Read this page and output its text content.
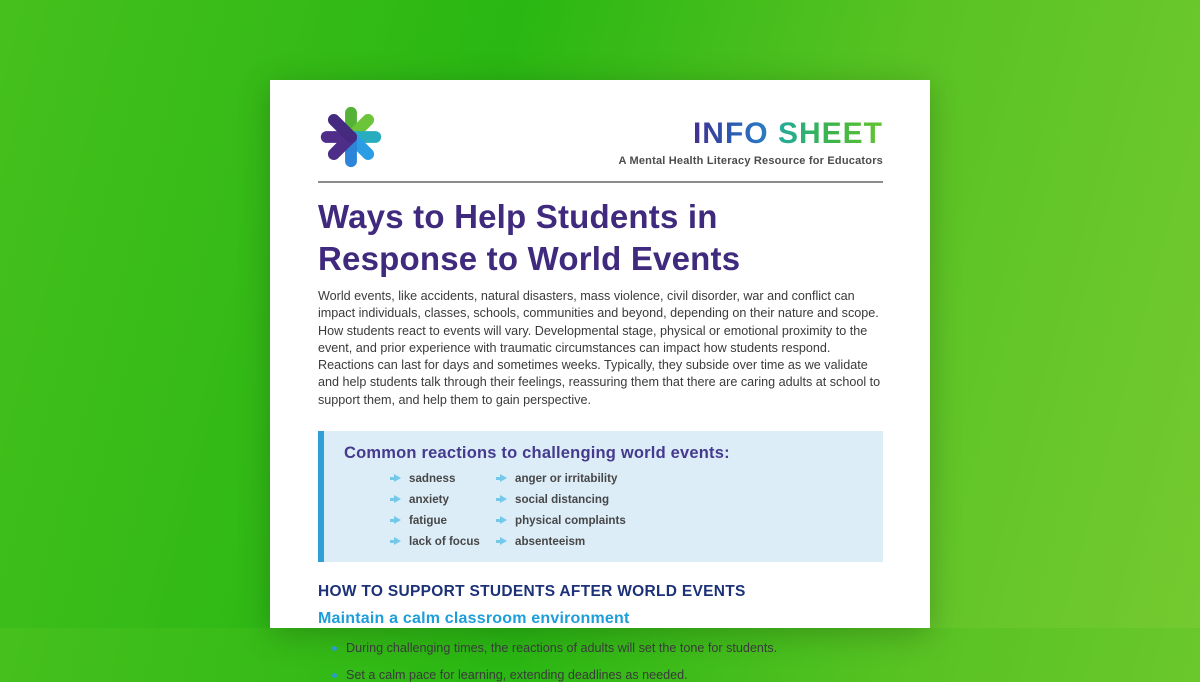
INFO SHEET
A Mental Health Literacy Resource for Educators
Ways to Help Students in
Response to World Events

World events, like accidents, natural disasters, mass violence, civil disorder, war and conflict can impact individuals, classes, schools, communities and beyond, depending on their nature and scope.

How students react to events will vary. Developmental stage, physical or emotional proximity to the event, and prior experience with traumatic circumstances can impact how students respond. Reactions can last for days and sometimes weeks. Typically, they subside over time as we validate and help students talk through their feelings, reassuring them that there are caring adults at school to support them, and help them to gain perspective.

Common reactions to challenging world events:
sadness
anxiety
fatigue
lack of focus
anger or irritability
social distancing
physical complaints
absenteeism
HOW TO SUPPORT STUDENTS AFTER WORLD EVENTS
Maintain a calm classroom environment
During challenging times, the reactions of adults will set the tone for students.
Set a calm pace for learning, extending deadlines as needed.
